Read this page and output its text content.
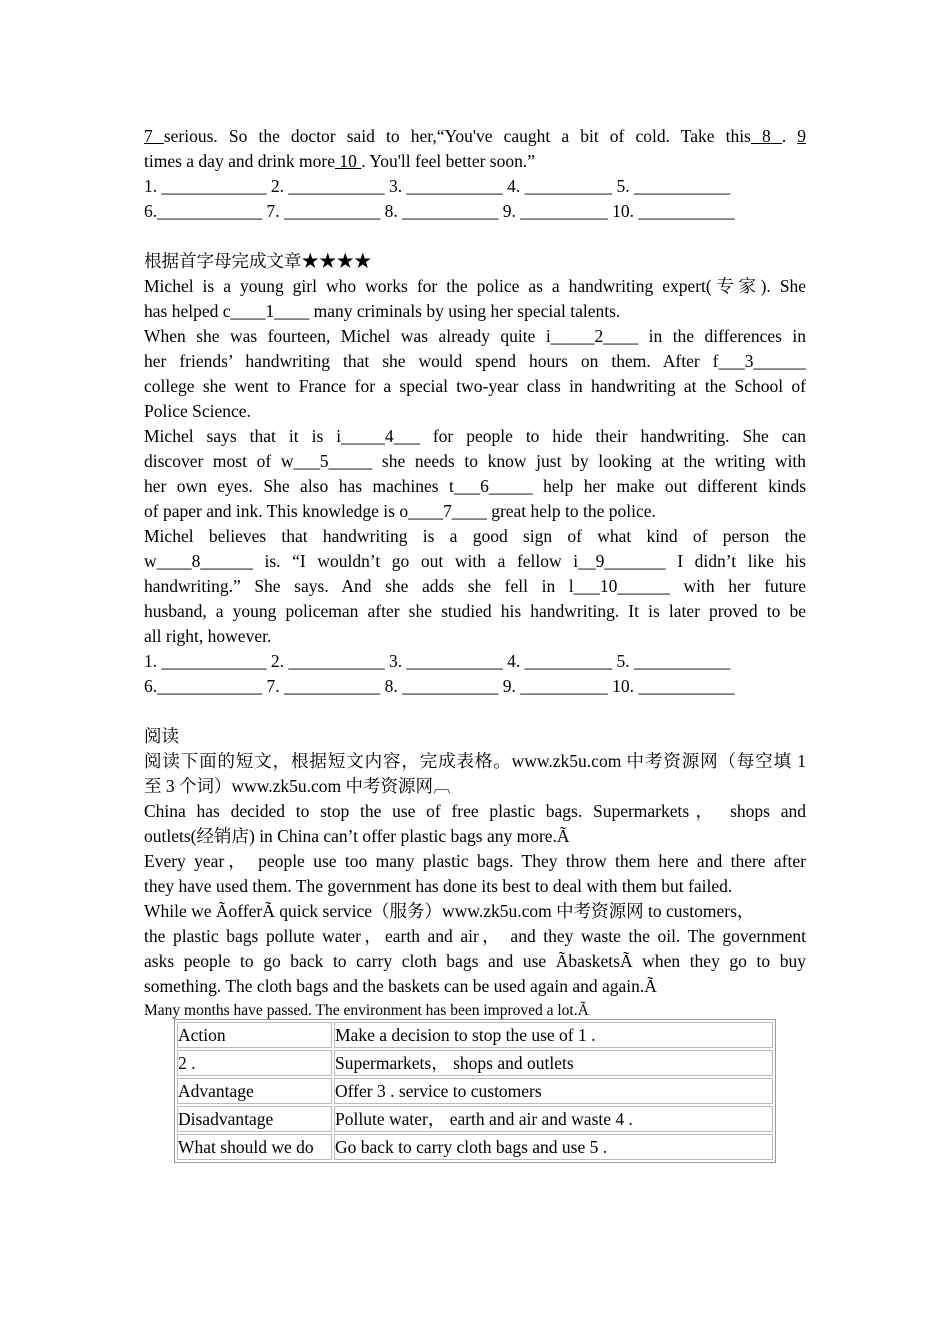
7 serious. So the doctor said to her,“You've caught a bit of cold. Take this 8 . 9
times a day and drink more 10 . You'll feel better soon.”
1. ____________ 2. ___________ 3. ___________ 4. __________ 5. ___________
6.____________ 7. ___________ 8. ___________ 9. __________ 10. ___________
根据首字母完成文章★★★★
Michel is a young girl who works for the police as a handwriting expert(专家). She
has helped c____1____ many criminals by using her special talents.
When she was fourteen, Michel was already quite i_____2____ in the differences in
her friends’ handwriting that she would spend hours on them. After f___3______
college she went to France for a special two-year class in handwriting at the School of
Police Science.
Michel says that it is i_____4___ for people to hide their handwriting. She can
discover most of w___5_____ she needs to know just by looking at the writing with
her own eyes. She also has machines t___6_____ help her make out different kinds
of paper and ink. This knowledge is o____7____ great help to the police.
Michel believes that handwriting is a good sign of what kind of person the
w____8______ is. “I wouldn’t go out with a fellow i__9_______ I didn’t like his
handwriting.” She says. And she adds she fell in l___10______ with her future
husband, a young policeman after she studied his handwriting. It is later proved to be
all right, however.
1. ____________ 2. ___________ 3. ___________ 4. __________ 5. ___________
6.____________ 7. ___________ 8. ___________ 9. __________ 10. ___________
阅读
阅读下面的短文，根据短文内容，完成表格。www.zk5u.com 中考资源网（每空填 1
至 3 个词）www.zk5u.com 中考资源网︹
China has decided to stop the use of free plastic bags. Supermarkets， shops and
outlets(经销店) in China can’t offer plastic bags any more.Ã
Every year， people use too many plastic bags. They throw them here and there after
they have used them. The government has done its best to deal with them but failed.
While we ÃofferÃ quick service（服务）www.zk5u.com 中考资源网 to customers，
the plastic bags pollute water，earth and air， and they waste the oil. The government
asks people to go back to carry cloth bags and use ÃbasketsÃ when they go to buy
something. The cloth bags and the baskets can be used again and again.Ã
Many months have passed. The environment has been improved a lot.Ã
Action	Make a decision to stop the use of 1 .
2 .	Supermarkets， shops and outlets
Advantage	Offer 3 . service to customers
Disadvantage	Pollute water， earth and air and waste 4 .
What should we do	Go back to carry cloth bags and use 5 .
